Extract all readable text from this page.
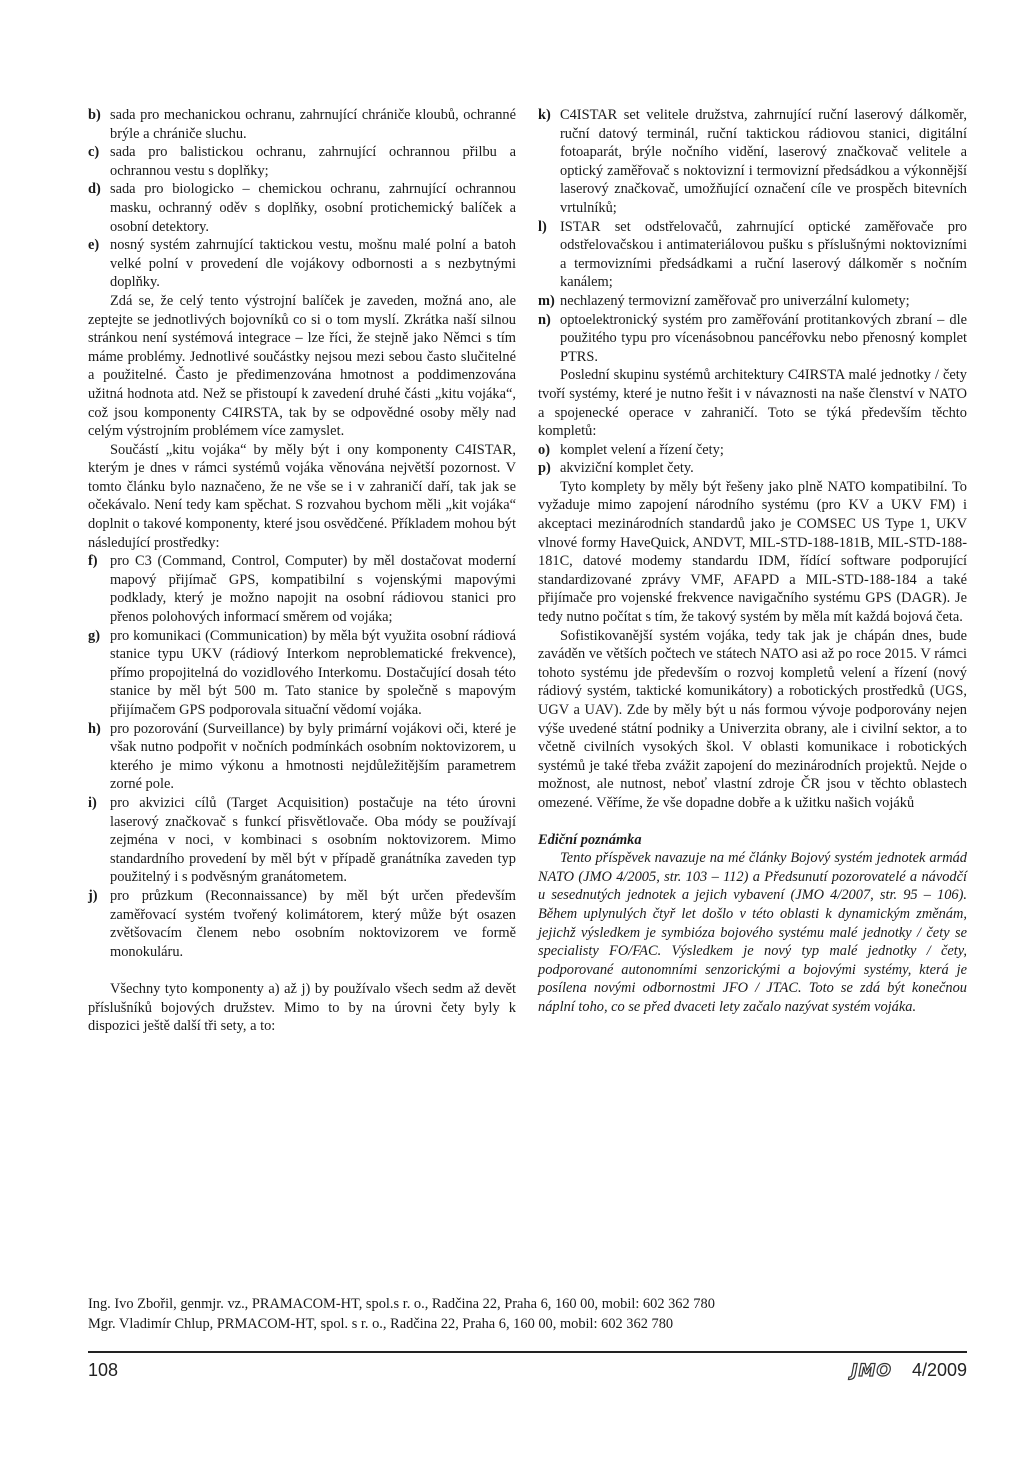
b) sada pro mechanickou ochranu, zahrnující chrániče kloubů, ochranné brýle a chrániče sluchu.
c) sada pro balistickou ochranu, zahrnující ochrannou přilbu a ochrannou vestu s doplňky;
d) sada pro biologicko – chemickou ochranu, zahrnující ochrannou masku, ochranný oděv s doplňky, osobní protichemický balíček a osobní detektory.
e) nosný systém zahrnující taktickou vestu, mošnu malé polní a batoh velké polní v provedení dle vojákovy odbornosti a s nezbytnými doplňky.

Zdá se, že celý tento výstrojní balíček je zaveden, možná ano, ale zeptejte se jednotlivých bojovníků co si o tom myslí. Zkrátka naší silnou stránkou není systémová integrace – lze říci, že stejně jako Němci s tím máme problémy. Jednotlivé součástky nejsou mezi sebou často slučitelné a použitelné. Často je předimenzována hmotnost a poddimenzována užitná hodnota atd. Než se přistoupí k zavedení druhé části „kitu vojáka“, což jsou komponenty C4IRSTA, tak by se odpovědné osoby měly nad celým výstrojním problémem více zamyslet.

Součástí „kitu vojáka“ by měly být i ony komponenty C4ISTAR, kterým je dnes v rámci systémů vojáka věnována největší pozornost. V tomto článku bylo naznačeno, že ne vše se i v zahraničí daří, tak jak se očekávalo. Není tedy kam spěchat. S rozvahou bychom měli „kit vojáka“ doplnit o takové komponenty, které jsou osvědčené. Příkladem mohou být následující prostředky:

f) pro C3 (Command, Control, Computer) by měl dostačovat moderní mapový přijímač GPS, kompatibilní s vojenskými mapovými podklady, který je možno napojit na osobní rádiovou stanici pro přenos polohových informací směrem od vojáka;
g) pro komunikaci (Communication) by měla být využita osobní rádiová stanice typu UKV (rádiový Interkom neproblematické frekvence), přímo propojitelná do vozidlového Interkomu. Dostačující dosah této stanice by měl být 500 m. Tato stanice by společně s mapovým přijímačem GPS podporovala situační vědomí vojáka.
h) pro pozorování (Surveillance) by byly primární vojákovi oči, které je však nutno podpořit v nočních podmínkách osobním noktovizorem, u kterého je mimo výkonu a hmotnosti nejdůležitějším parametrem zorné pole.
i) pro akvizici cílů (Target Acquisition) postačuje na této úrovni laserový značkovač s funkcí přisvětlovače. Oba módy se používají zejména v noci, v kombinaci s osobním noktovizorem. Mimo standardního provedení by měl být v případě granátníka zaveden typ použitelný i s podvěsným granátometem.
j) pro průzkum (Reconnaissance) by měl být určen především zaměřovací systém tvořený kolimátorem, který může být osazen zvětšovacím členem nebo osobním noktovizorem ve formě monokuláru.

Všechny tyto komponenty a) až j) by používalo všech sedm až devět příslušníků bojových družstev. Mimo to by na úrovni čety byly k dispozici ještě další tři sety, a to:

k) C4ISTAR set velitele družstva, zahrnující ruční laserový dálkoměr, ruční datový terminál, ruční taktickou rádiovou stanici, digitální fotoaparát, brýle nočního vidění, laserový značkovač velitele a optický zaměřovač s noktovizní i termovizní předsádkou a výkonnější laserový značkovač, umožňující označení cíle ve prospěch bitevních vrtulníků;
l) ISTAR set odstřelovačů, zahrnující optické zaměřovače pro odstřelovačskou i antimateriálovou pušku s příslušnými noktovizními a termovizními předsádkami a ruční laserový dálkoměr s nočním kanálem;
m) nechlazený termovizní zaměřovač pro univerzální kulomety;
n) optoelektronický systém pro zaměřování protitankových zbraní – dle použitého typu pro vícenásobnou pancéřovku nebo přenosný komplet PTRS.

Poslední skupinu systémů architektury C4IRSTA malé jednotky / čety tvoří systémy, které je nutno řešit i v návaznosti na naše členství v NATO a spojenecké operace v zahraničí. Toto se týká především těchto kompletů:

o) komplet velení a řízení čety;
p) akviziční komplet čety.

Tyto komplety by měly být řešeny jako plně NATO kompatibilní. To vyžaduje mimo zapojení národního systému (pro KV a UKV FM) i akceptaci mezinárodních standardů jako je COMSEC US Type 1, UKV vlnové formy HaveQuick, ANDVT, MIL-STD-188-181B, MIL-STD-188-181C, datové modemy standardu IDM, řídící software podporující standardizované zprávy VMF, AFAPD a MIL-STD-188-184 a také přijímače pro vojenské frekvence navigačního systému GPS (DAGR). Je tedy nutno počítat s tím, že takový systém by měla mít každá bojová četa.

Sofistikovanější systém vojáka, tedy tak jak je chápán dnes, bude zaváděn ve větších počtech ve státech NATO asi až po roce 2015. V rámci tohoto systému jde především o rozvoj kompletů velení a řízení (nový rádiový systém, taktické komunikátory) a robotických prostředků (UGS, UGV a UAV). Zde by měly být u nás formou vývoje podporovány nejen výše uvedené státní podniky a Univerzita obrany, ale i civilní sektor, a to včetně civilních vysokých škol. V oblasti komunikace i robotických systémů je také třeba zvážit zapojení do mezinárodních projektů. Nejde o možnost, ale nutnost, neboť vlastní zdroje ČR jsou v těchto oblastech omezené. Věříme, že vše dopadne dobře a k užitku našich vojáků

Ediční poznámka

Tento příspěvek navazuje na mé články Bojový systém jednotek armád NATO (JMO 4/2005, str. 103 – 112) a Předsunutí pozorovatelé a návodčí u sesednutých jednotek a jejich vybavení (JMO 4/2007, str. 95 – 106). Během uplynulých čtyř let došlo v této oblasti k dynamickým změnám, jejichž výsledkem je symbióza bojového systému malé jednotky / čety se specialisty FO/FAC. Výsledkem je nový typ malé jednotky / čety, podporované autonomními senzorickými a bojovými systémy, která je posílena novými odbornostmi JFO / JTAC. Toto se zdá být konečnou náplní toho, co se před dvaceti lety začalo nazývat systém vojáka.

Ing. Ivo Zbořil, genmjr. vz., PRAMACOM-HT, spol.s r. o., Radčina 22, Praha 6, 160 00, mobil: 602 362 780
Mgr. Vladimír Chlup, PRMACOM-HT, spol. s r. o., Radčina 22, Praha 6, 160 00, mobil: 602 362 780
108	JMO 4/2009
